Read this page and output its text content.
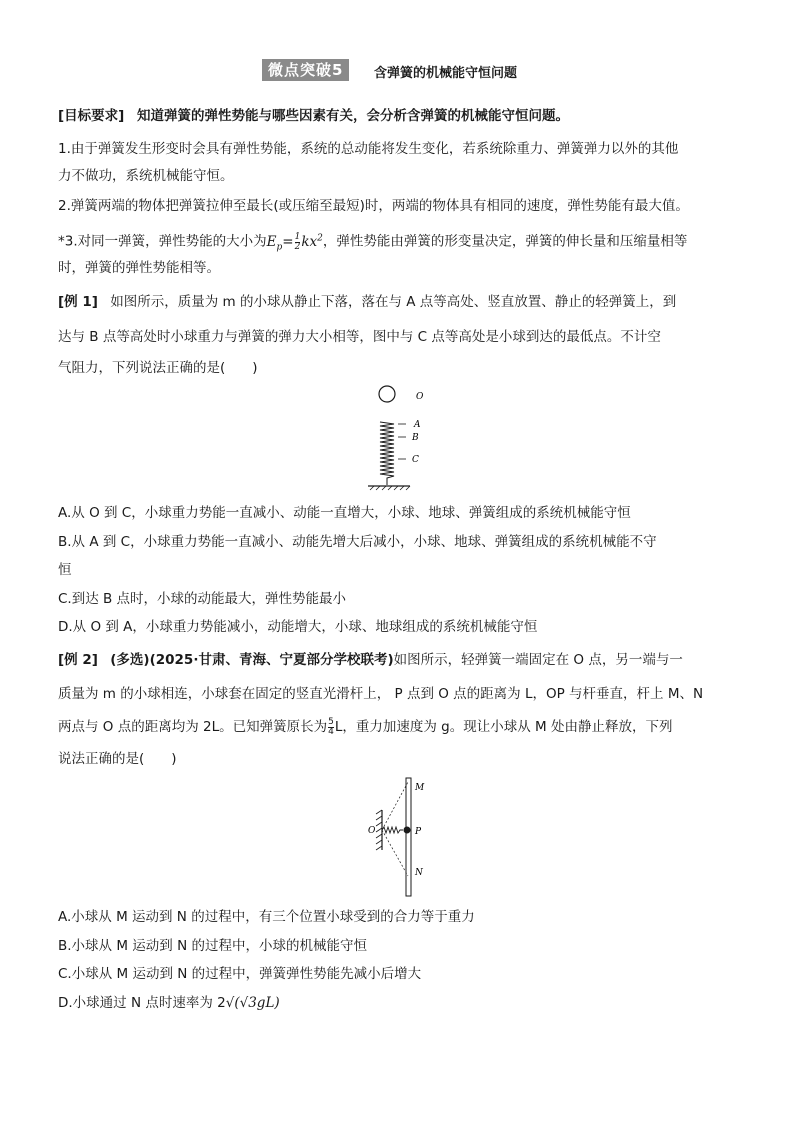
微点突破5	含弹簧的机械能守恒问题
[目标要求] 知道弹簧的弹性势能与哪些因素有关，会分析含弹簧的机械能守恒问题。
1.由于弹簧发生形变时会具有弹性势能，系统的总动能将发生变化，若系统除重力、弹簧弹力以外的其他
力不做功，系统机械能守恒。
2.弹簧两端的物体把弹簧拉伸至最长(或压缩至最短)时，两端的物体具有相同的速度，弹性势能有最大值。
*3.对同一弹簧，弹性势能的大小为$E_p= \frac{1}{2} kx^2$，弹性势能由弹簧的形变量决定，弹簧的伸长量和压缩量相等
时，弹簧的弹性势能相等。
[例 1] 如图所示，质量为 m 的小球从静止下落，落在与 A 点等高处、竖直放置、静止的轻弹簧上，到
达与 B 点等高处时小球重力与弹簧的弹力大小相等，图中与 C 点等高处是小球到达的最低点。不计空
气阻力，下列说法正确的是(　　)
O
A
B
C
A.从 O 到 C，小球重力势能一直减小、动能一直增大，小球、地球、弹簧组成的系统机械能守恒
B.从 A 到 C，小球重力势能一直减小、动能先增大后减小，小球、地球、弹簧组成的系统机械能不守
恒
C.到达 B 点时，小球的动能最大，弹性势能最小
D.从 O 到 A，小球重力势能减小，动能增大，小球、地球组成的系统机械能守恒
[例 2] (多选)(2025·甘肃、青海、宁夏部分学校联考)如图所示，轻弹簧一端固定在 O 点，另一端与一
质量为 m 的小球相连，小球套在固定的竖直光滑杆上， P 点到 O 点的距离为 L，OP 与杆垂直，杆上 M、N
两点与 O 点的距离均为 2L。已知弹簧原长为 $\frac{5}{4}$ L，重力加速度为 g。现让小球从 M 处由静止释放，下列
说法正确的是(　　)
M
O	P
N
A.小球从 M 运动到 N 的过程中，有三个位置小球受到的合力等于重力
B.小球从 M 运动到 N 的过程中，小球的机械能守恒
C.小球从 M 运动到 N 的过程中，弹簧弹性势能先减小后增大
D.小球通过 N 点时速率为 2√(√3gL)
